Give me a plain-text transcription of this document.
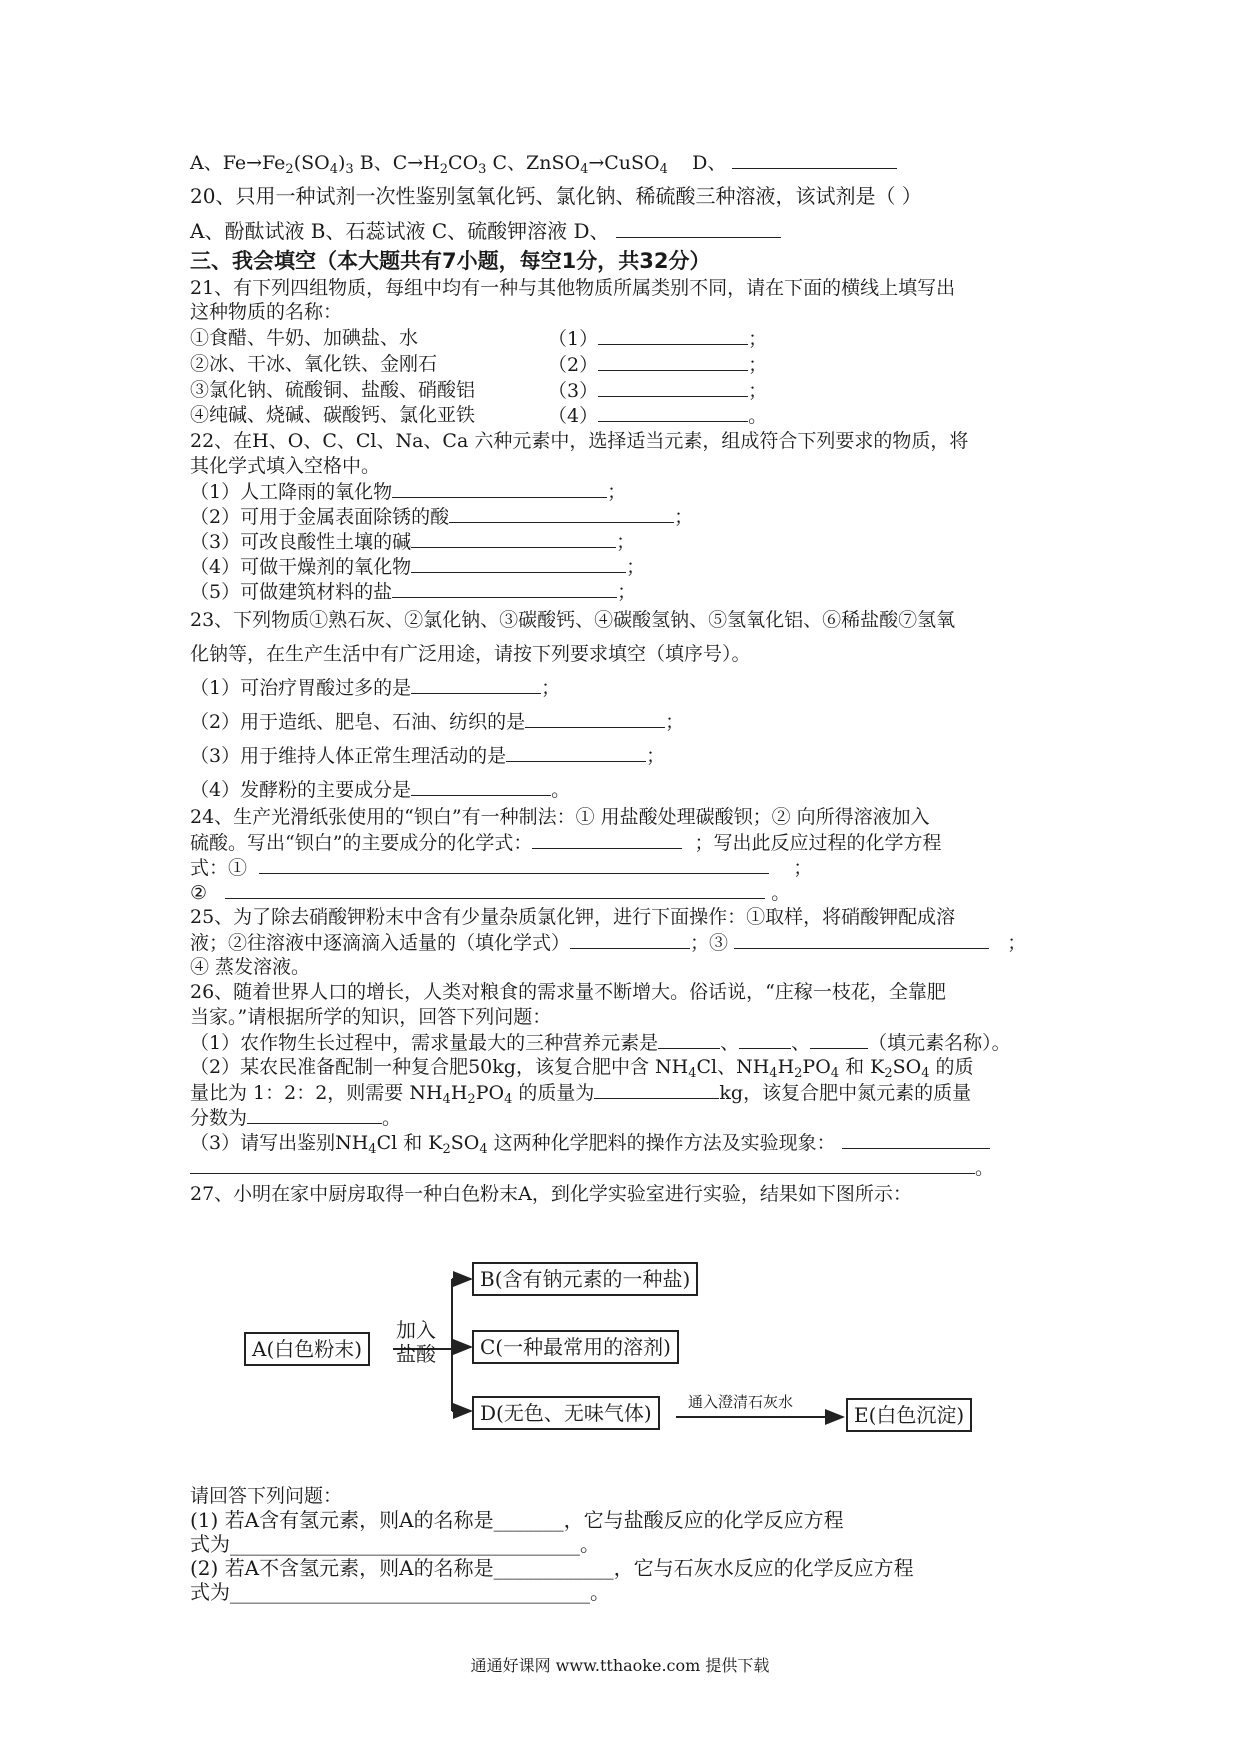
A、$Fe\to Fe_2(SO_4)_3$ B、$C\to H_2CO_3$ C、ZnSO$_4$→CuSO$_4$ D、
20、只用一种试剂一次性鉴别氢氧化钙、氯化钠、稀硫酸三种溶液，该试剂是（ ）
A、酚酞试液 B、石蕊试液 C、硫酸钾溶液 D、
三、我会填空（本大题共有7小题，每空1分，共32分）
21、有下列四组物质，每组中均有一种与其他物质所属类别不同，请在下面的横线上填写出
这种物质的名称：
①食醋、牛奶、加碘盐、水	（1）	；
②冰、干冰、氧化铁、金刚石	（2）	；
③氯化钠、硫酸铜、盐酸、硝酸铝	（3）	；
④纯碱、烧碱、碳酸钙、氯化亚铁	（4）	。
22、在H、O、C、Cl、Na、Ca 六种元素中，选择适当元素，组成符合下列要求的物质，将
其化学式填入空格中。
（1）人工降雨的氧化物	；
（2）可用于金属表面除锈的酸	；
（3）可改良酸性土壤的碱	；
（4）可做干燥剂的氧化物	；
（5）可做建筑材料的盐	；
23、下列物质①熟石灰、②氯化钠、③碳酸钙、④碳酸氢钠、⑤氢氧化铝、⑥稀盐酸⑦氢氧
化钠等，在生产生活中有广泛用途，请按下列要求填空（填序号）。
（1）可治疗胃酸过多的是	；
（2）用于造纸、肥皂、石油、纺织的是	；
（3）用于维持人体正常生理活动的是	；
（4）发酵粉的主要成分是	。
24、生产光滑纸张使用的“钡白”有一种制法：① 用盐酸处理碳酸钡；② 向所得溶液加入
硫酸。写出“钡白”的主要成分的化学式：	；写出此反应过程的化学方程
式：①	；
②	。
25、为了除去硝酸钾粉末中含有少量杂质氯化钾，进行下面操作：①取样，将硝酸钾配成溶
液；②往溶液中逐滴滴入适量的（填化学式）	；③	；
④ 蒸发溶液。
26、随着世界人口的增长，人类对粮食的需求量不断增大。俗话说，“庄稼一枝花，全靠肥
当家。”请根据所学的知识，回答下列问题：
（1）农作物生长过程中，需求量最大的三种营养元素是	、	、	（填元素名称）。
（2）某农民准备配制一种复合肥50kg，该复合肥中含 $NH_4Cl$、$NH_4H_2PO_4$ 和 $K_2SO_4$ 的质
量比为 1：2：2，则需要 $NH_4H_2PO_4$ 的质量为	kg，该复合肥中氮元素的质量
分数为	。
（3）请写出鉴别$NH_4Cl$ 和 $K_2SO_4$ 这两种化学肥料的操作方法及实验现象：
。
27、小明在家中厨房取得一种白色粉末A，到化学实验室进行实验，结果如下图所示：
A(白色粉末)
加入
盐酸
B(含有钠元素的一种盐)
C(一种最常用的溶剂)
D(无色、无味气体)	通入澄清石灰水
E(白色沉淀)
请回答下列问题：
(1) 若A含有氢元素，则A的名称是_______，它与盐酸反应的化学反应方程
式为___________________________________。
(2) 若A不含氢元素，则A的名称是____________，它与石灰水反应的化学反应方程
式为____________________________________。
通通好课网 www.tthaoke.com 提供下载
